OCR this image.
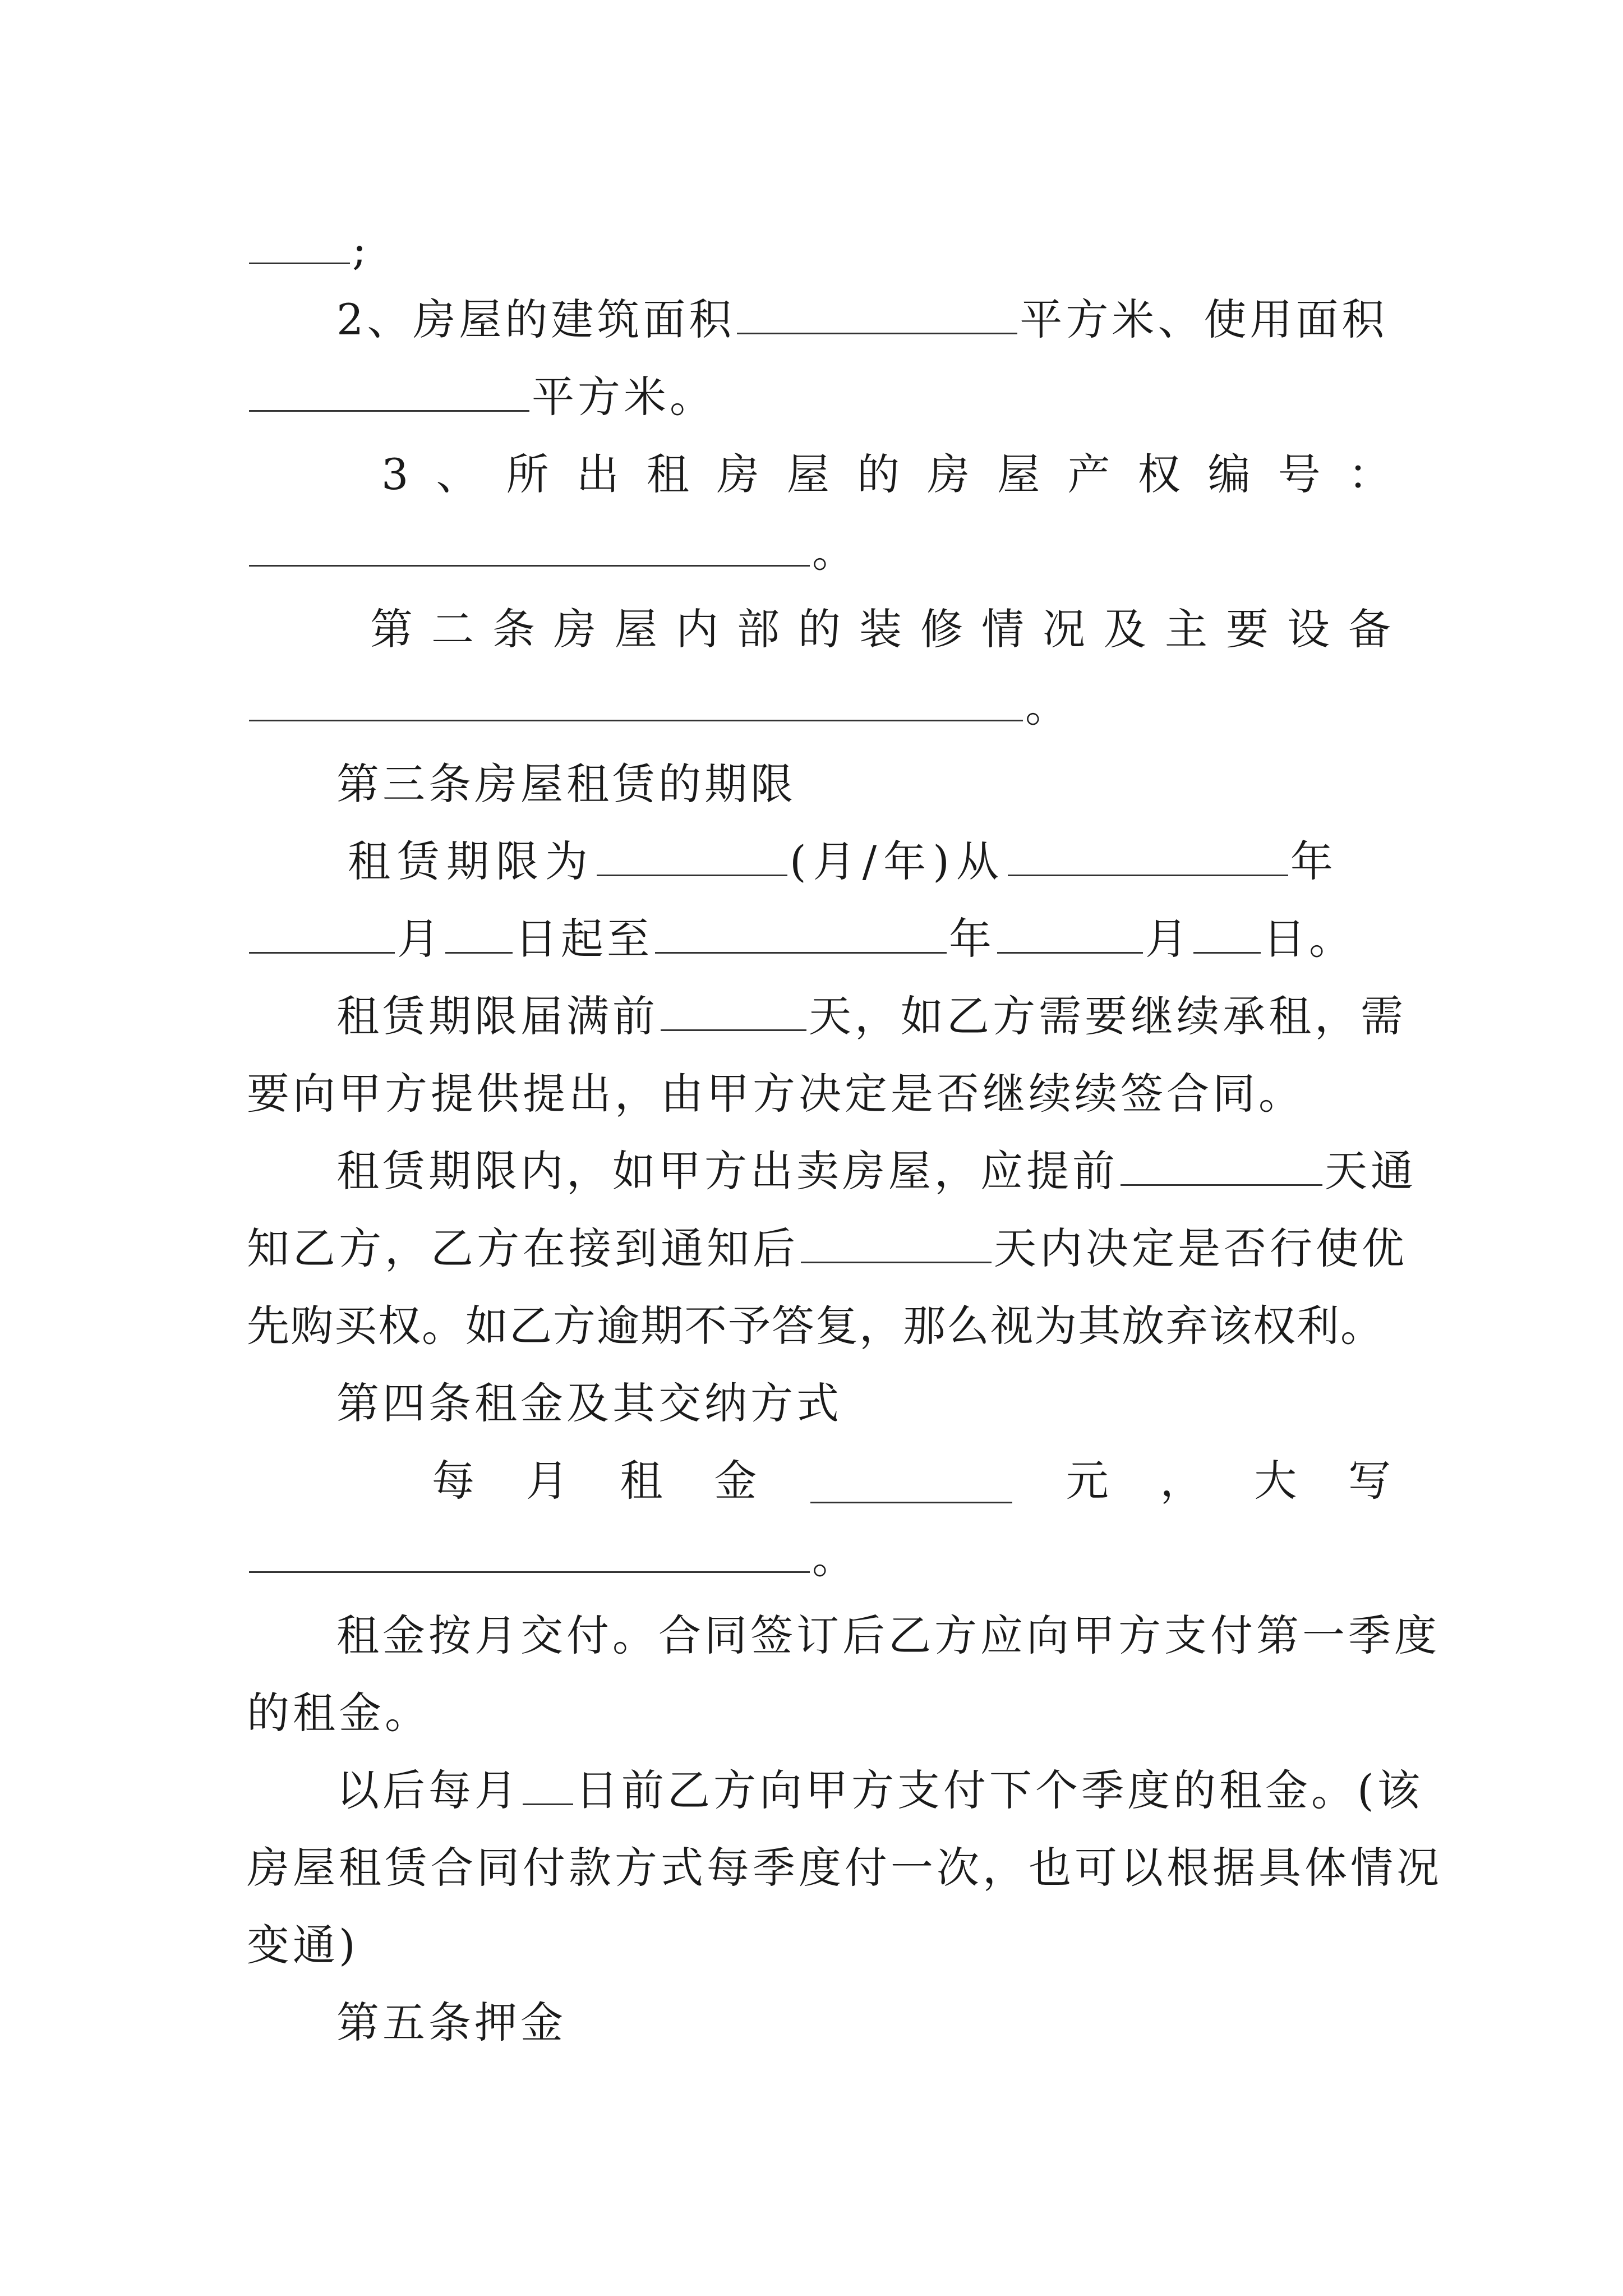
;
2、房屋的建筑面积	平方米、使用面积
平方米。
3 、 所 出 租 房 屋 的 房 屋 产 权 编 号 ：
。
第 二 条 房 屋 内 部 的 装 修 情 况 及 主 要 设 备
。
第三条房屋租赁的期限
租赁期限为	(月/年)从	年
月 日起至	年	月 日。
租赁期限届满前	天，如乙方需要继续承租，需
要向甲方提供提出，由甲方决定是否继续续签合同。
租赁期限内，如甲方出卖房屋，应提前	天通
知乙方，乙方在接到通知后	天内决定是否行使优
先购买权。如乙方逾期不予答复，那么视为其放弃该权利。
第四条租金及其交纳方式
每 月 租 金	元 ， 大 写
。
租金按月交付。合同签订后乙方应向甲方支付第一季度
的租金。
以后每月 日前乙方向甲方支付下个季度的租金。(该
房屋租赁合同付款方式每季度付一次，也可以根据具体情况
变通)
第五条押金
